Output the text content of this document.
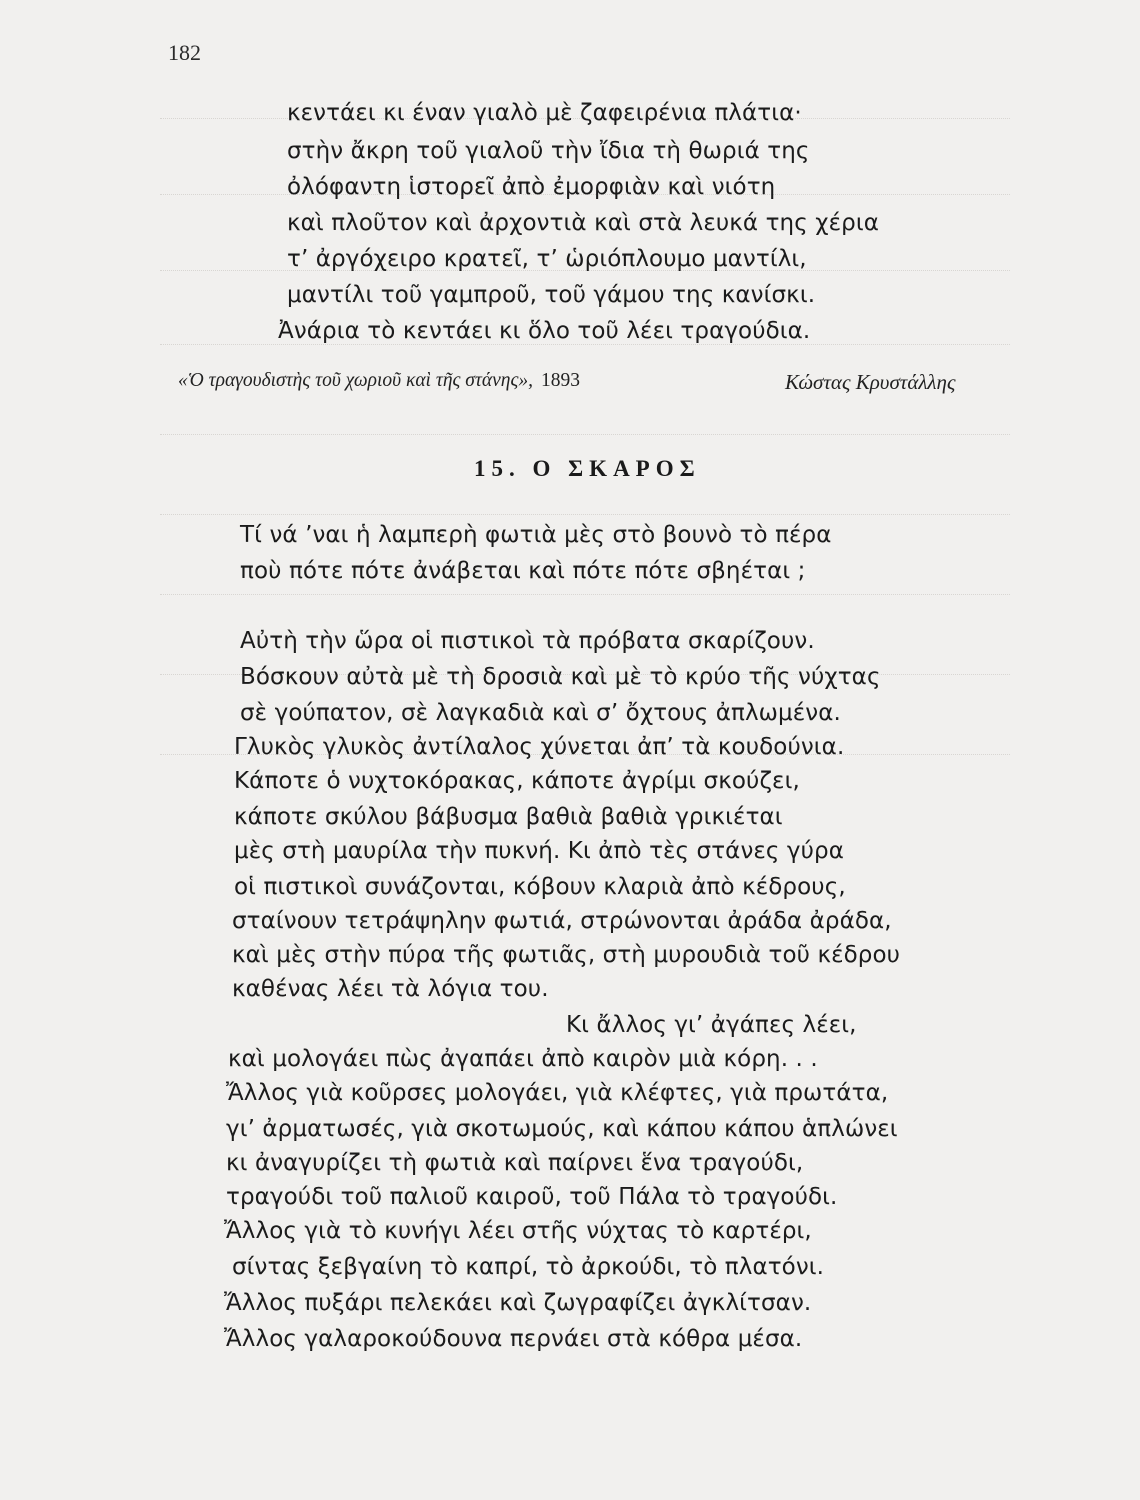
182
κεντάει κι έναν γιαλὸ μὲ ζαφειρένια πλάτια·
στὴν ἄκρη τοῦ γιαλοῦ τὴν ἴδια τὴ θωριά της
ὀλόφαντη ἱστορεῖ ἀπὸ ἐμορφιὰν καὶ νιότη
καὶ πλοῦτον καὶ ἀρχοντιὰ καὶ στὰ λευκά της χέρια
τ’ ἀργόχειρο κρατεῖ, τ’ ὡριόπλουμο μαντίλι,
μαντίλι τοῦ γαμπροῦ, τοῦ γάμου της κανίσκι.
Ἀνάρια τὸ κεντάει κι ὅλο τοῦ λέει τραγούδια.
«Ὁ τραγουδιστὴς τοῦ χωριοῦ καὶ τῆς στάνης», 1893	Κώστας Κρυστάλλης
15. Ο ΣΚΑΡΟΣ
Τί νά ’ναι ἡ λαμπερὴ φωτιὰ μὲς στὸ βουνὸ τὸ πέρα
ποὺ πότε πότε ἀνάβεται καὶ πότε πότε σβηέται ;
Αὐτὴ τὴν ὥρα οἱ πιστικοὶ τὰ πρόβατα σκαρίζουν.
Βόσκουν αὐτὰ μὲ τὴ δροσιὰ καὶ μὲ τὸ κρύο τῆς νύχτας
σὲ γούπατον, σὲ λαγκαδιὰ καὶ σ’ ὄχτους ἀπλωμένα.
Γλυκὸς γλυκὸς ἀντίλαλος χύνεται ἀπ’ τὰ κουδούνια.
Κάποτε ὁ νυχτοκόρακας, κάποτε ἀγρίμι σκούζει,
κάποτε σκύλου βάβυσμα βαθιὰ βαθιὰ γρικιέται
μὲς στὴ μαυρίλα τὴν πυκνή. Κι ἀπὸ τὲς στάνες γύρα
οἱ πιστικοὶ συνάζονται, κόβουν κλαριὰ ἀπὸ κέδρους,
σταίνουν τετράψηλην φωτιά, στρώνονται ἀράδα ἀράδα,
καὶ μὲς στὴν πύρα τῆς φωτιᾶς, στὴ μυρουδιὰ τοῦ κέδρου
καθένας λέει τὰ λόγια του.
Κι ἄλλος γι’ ἀγάπες λέει,
καὶ μολογάει πὼς ἀγαπάει ἀπὸ καιρὸν μιὰ κόρη. . .
Ἄλλος γιὰ κοῦρσες μολογάει, γιὰ κλέφτες, γιὰ πρωτάτα,
γι’ ἀρματωσές, γιὰ σκοτωμούς, καὶ κάπου κάπου ἁπλώνει
κι ἀναγυρίζει τὴ φωτιὰ καὶ παίρνει ἕνα τραγούδι,
τραγούδι τοῦ παλιοῦ καιροῦ, τοῦ Πάλα τὸ τραγούδι.
Ἄλλος γιὰ τὸ κυνήγι λέει στῆς νύχτας τὸ καρτέρι,
σίντας ξεβγαίνη τὸ καπρί, τὸ ἀρκούδι, τὸ πλατόνι.
Ἄλλος πυξάρι πελεκάει καὶ ζωγραφίζει ἀγκλίτσαν.
Ἄλλος γαλαροκούδουνα περνάει στὰ κόθρα μέσα.
